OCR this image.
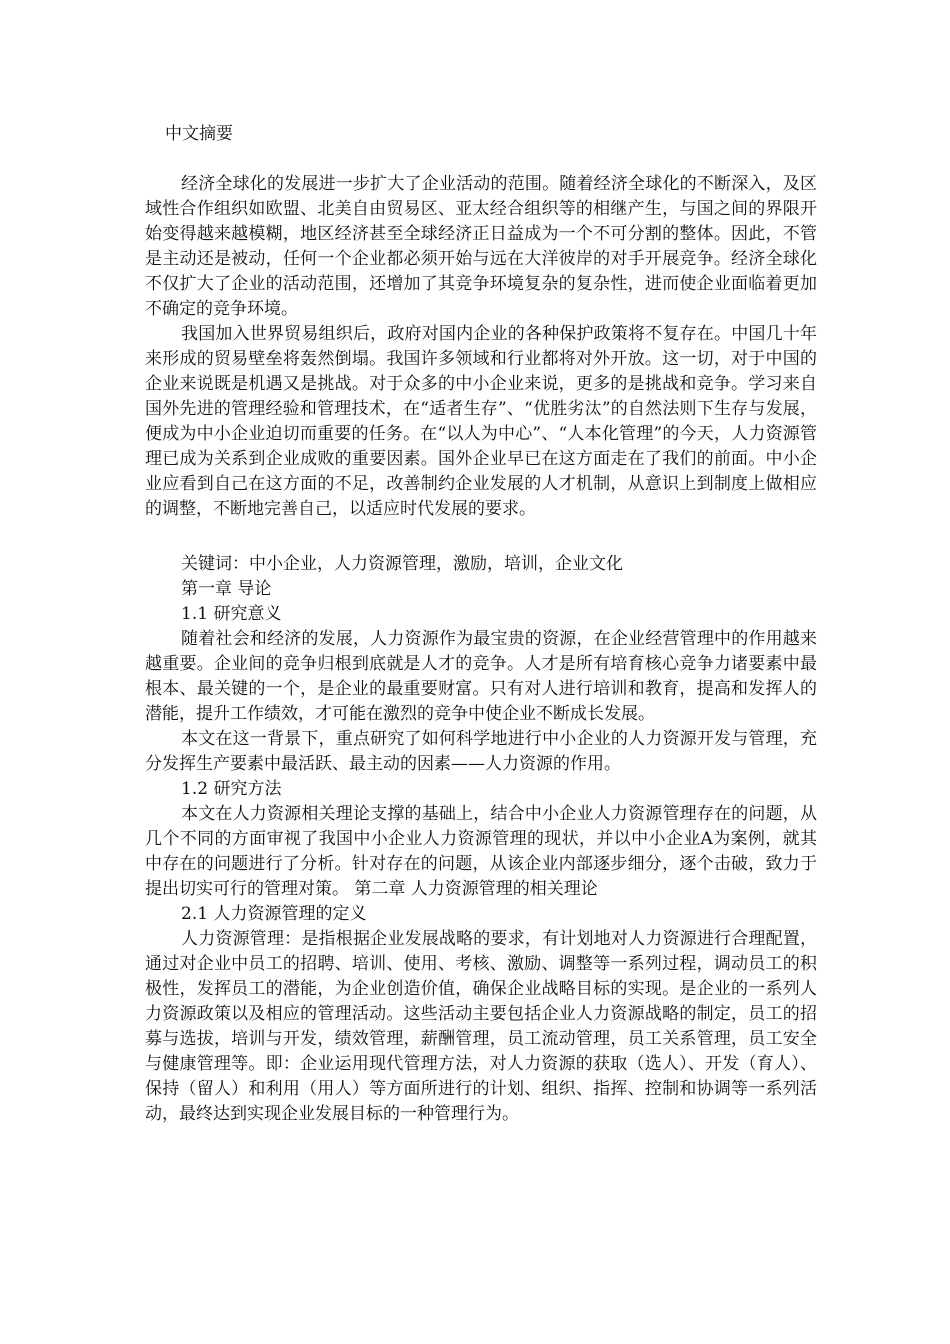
中文摘要

经济全球化的发展进一步扩大了企业活动的范围。随着经济全球化的不断深入，及区域性合作组织如欧盟、北美自由贸易区、亚太经合组织等的相继产生，与国之间的界限开始变得越来越模糊，地区经济甚至全球经济正日益成为一个不可分割的整体。因此，不管是主动还是被动，任何一个企业都必须开始与远在大洋彼岸的对手开展竞争。经济全球化不仅扩大了企业的活动范围，还增加了其竞争环境复杂的复杂性，进而使企业面临着更加不确定的竞争环境。

我国加入世界贸易组织后，政府对国内企业的各种保护政策将不复存在。中国几十年来形成的贸易壁垒将轰然倒塌。我国许多领域和行业都将对外开放。这一切，对于中国的企业来说既是机遇又是挑战。对于众多的中小企业来说，更多的是挑战和竞争。学习来自国外先进的管理经验和管理技术，在“适者生存”、“优胜劣汰”的自然法则下生存与发展，便成为中小企业迫切而重要的任务。在“以人为中心”、“人本化管理”的今天，人力资源管理已成为关系到企业成败的重要因素。国外企业早已在这方面走在了我们的前面。中小企业应看到自己在这方面的不足，改善制约企业发展的人才机制，从意识上到制度上做相应的调整，不断地完善自己，以适应时代发展的要求。

关键词：中小企业，人力资源管理，激励，培训，企业文化
第一章 导论
1.1 研究意义

随着社会和经济的发展，人力资源作为最宝贵的资源，在企业经营管理中的作用越来越重要。企业间的竞争归根到底就是人才的竞争。人才是所有培育核心竞争力诸要素中最根本、最关键的一个，是企业的最重要财富。只有对人进行培训和教育，提高和发挥人的潜能，提升工作绩效，才可能在激烈的竞争中使企业不断成长发展。

本文在这一背景下，重点研究了如何科学地进行中小企业的人力资源开发与管理，充分发挥生产要素中最活跃、最主动的因素——人力资源的作用。

1.2 研究方法

本文在人力资源相关理论支撑的基础上，结合中小企业人力资源管理存在的问题，从几个不同的方面审视了我国中小企业人力资源管理的现状，并以中小企业A为案例，就其中存在的问题进行了分析。针对存在的问题，从该企业内部逐步细分，逐个击破，致力于提出切实可行的管理对策。 第二章 人力资源管理的相关理论

2.1 人力资源管理的定义

人力资源管理：是指根据企业发展战略的要求，有计划地对人力资源进行合理配置，通过对企业中员工的招聘、培训、使用、考核、激励、调整等一系列过程，调动员工的积极性，发挥员工的潜能，为企业创造价值，确保企业战略目标的实现。是企业的一系列人力资源政策以及相应的管理活动。这些活动主要包括企业人力资源战略的制定，员工的招募与选拔，培训与开发，绩效管理，薪酬管理，员工流动管理，员工关系管理，员工安全与健康管理等。即：企业运用现代管理方法，对人力资源的获取（选人）、开发（育人）、保持（留人）和利用（用人）等方面所进行的计划、组织、指挥、控制和协调等一系列活动，最终达到实现企业发展目标的一种管理行为。
